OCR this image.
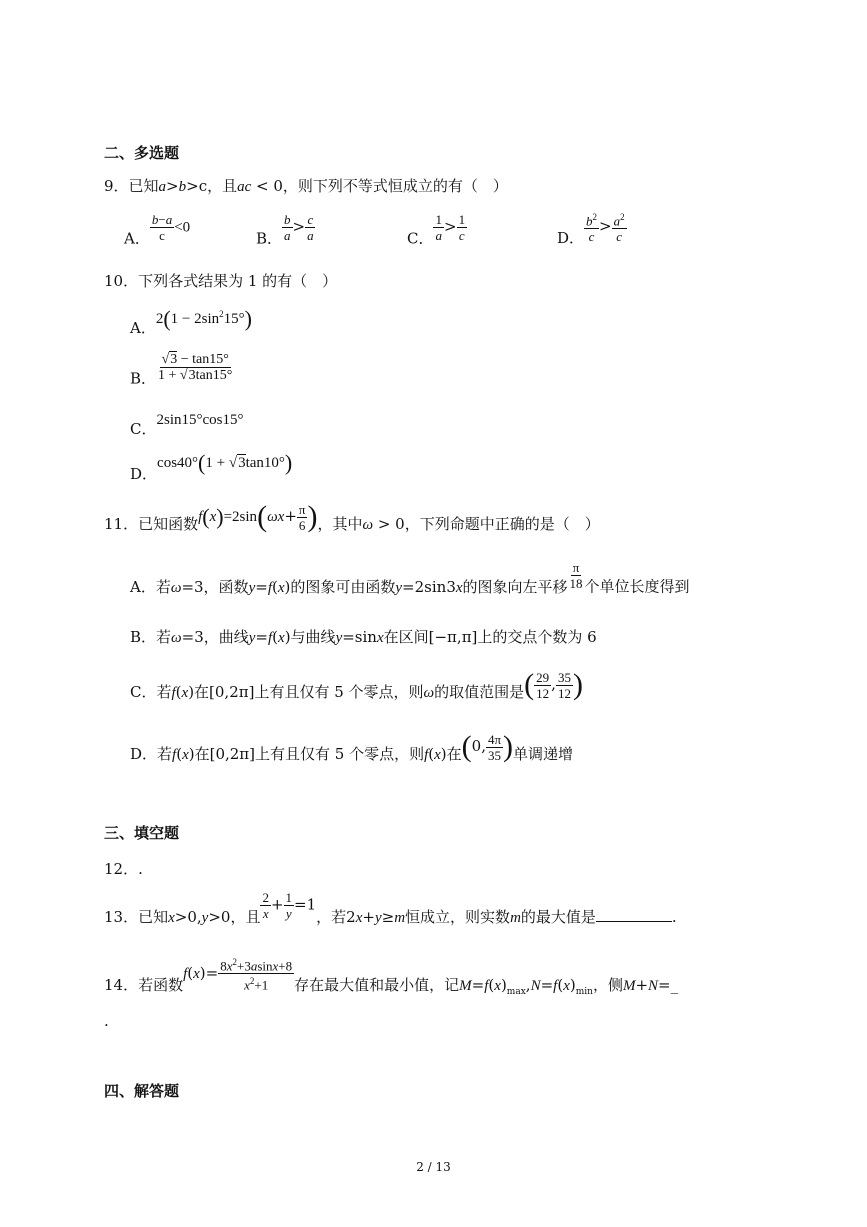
二、多选题
9．已知a>b>c，且ac < 0，则下列不等式恒成立的有（　）
A． $\frac{b-a}{c} <0$
B． $\frac{b}{a} > \frac{c}{a}$	C． $\frac{1}{a} > \frac{1}{c}$	D． $\frac{b^2}{c} > \frac{a^2}{c}$
10．下列各式结果为 1 的有（　）
A．$2(1 - 2\sin^215^\circ)$
B． $\frac{√3 - \tan 15^\circ}{1 + √3\tan 15^\circ}$
C．2sin15°cos15°
D．cos40°(1 + √3tan10°)
11．已知函数$f(x)=2\sin(\omega x+ \frac{\pi}{6}$ )，其中ω > 0，下列命题中正确的是（　）
A．若ω=3，函数y=f(x)的图象可由函数y=2sin3x的图象向左平移 $\frac{\pi}{18}$ 个单位长度得到
B．若ω=3，曲线y=f(x)与曲线y=sinx在区间[−π,π]上的交点个数为 6
C．若f(x)在[0,2π]上有且仅有 5 个零点，则ω的取值范围是( $\frac{29}{12}$ , $\frac{35}{12}$ )
D．若f(x)在[0,2π]上有且仅有 5 个零点，则f(x)在(0, $\frac{4\pi}{35}$ )单调递增
三、填空题
12．.
13．已知x>0,y>0，且 $\frac{2}{x} + \frac{1}{y} =1$，若2x+y≥m恒成立，则实数m的最大值是	.
14．若函数$f(x)= \frac{8x^2+3asinx+8}{x^2+1}$ 存在最大值和最小值，记$M=f(x)_{max},N=f(x)_{min}$，侧M+N=_
.
四、解答题
2 / 13
